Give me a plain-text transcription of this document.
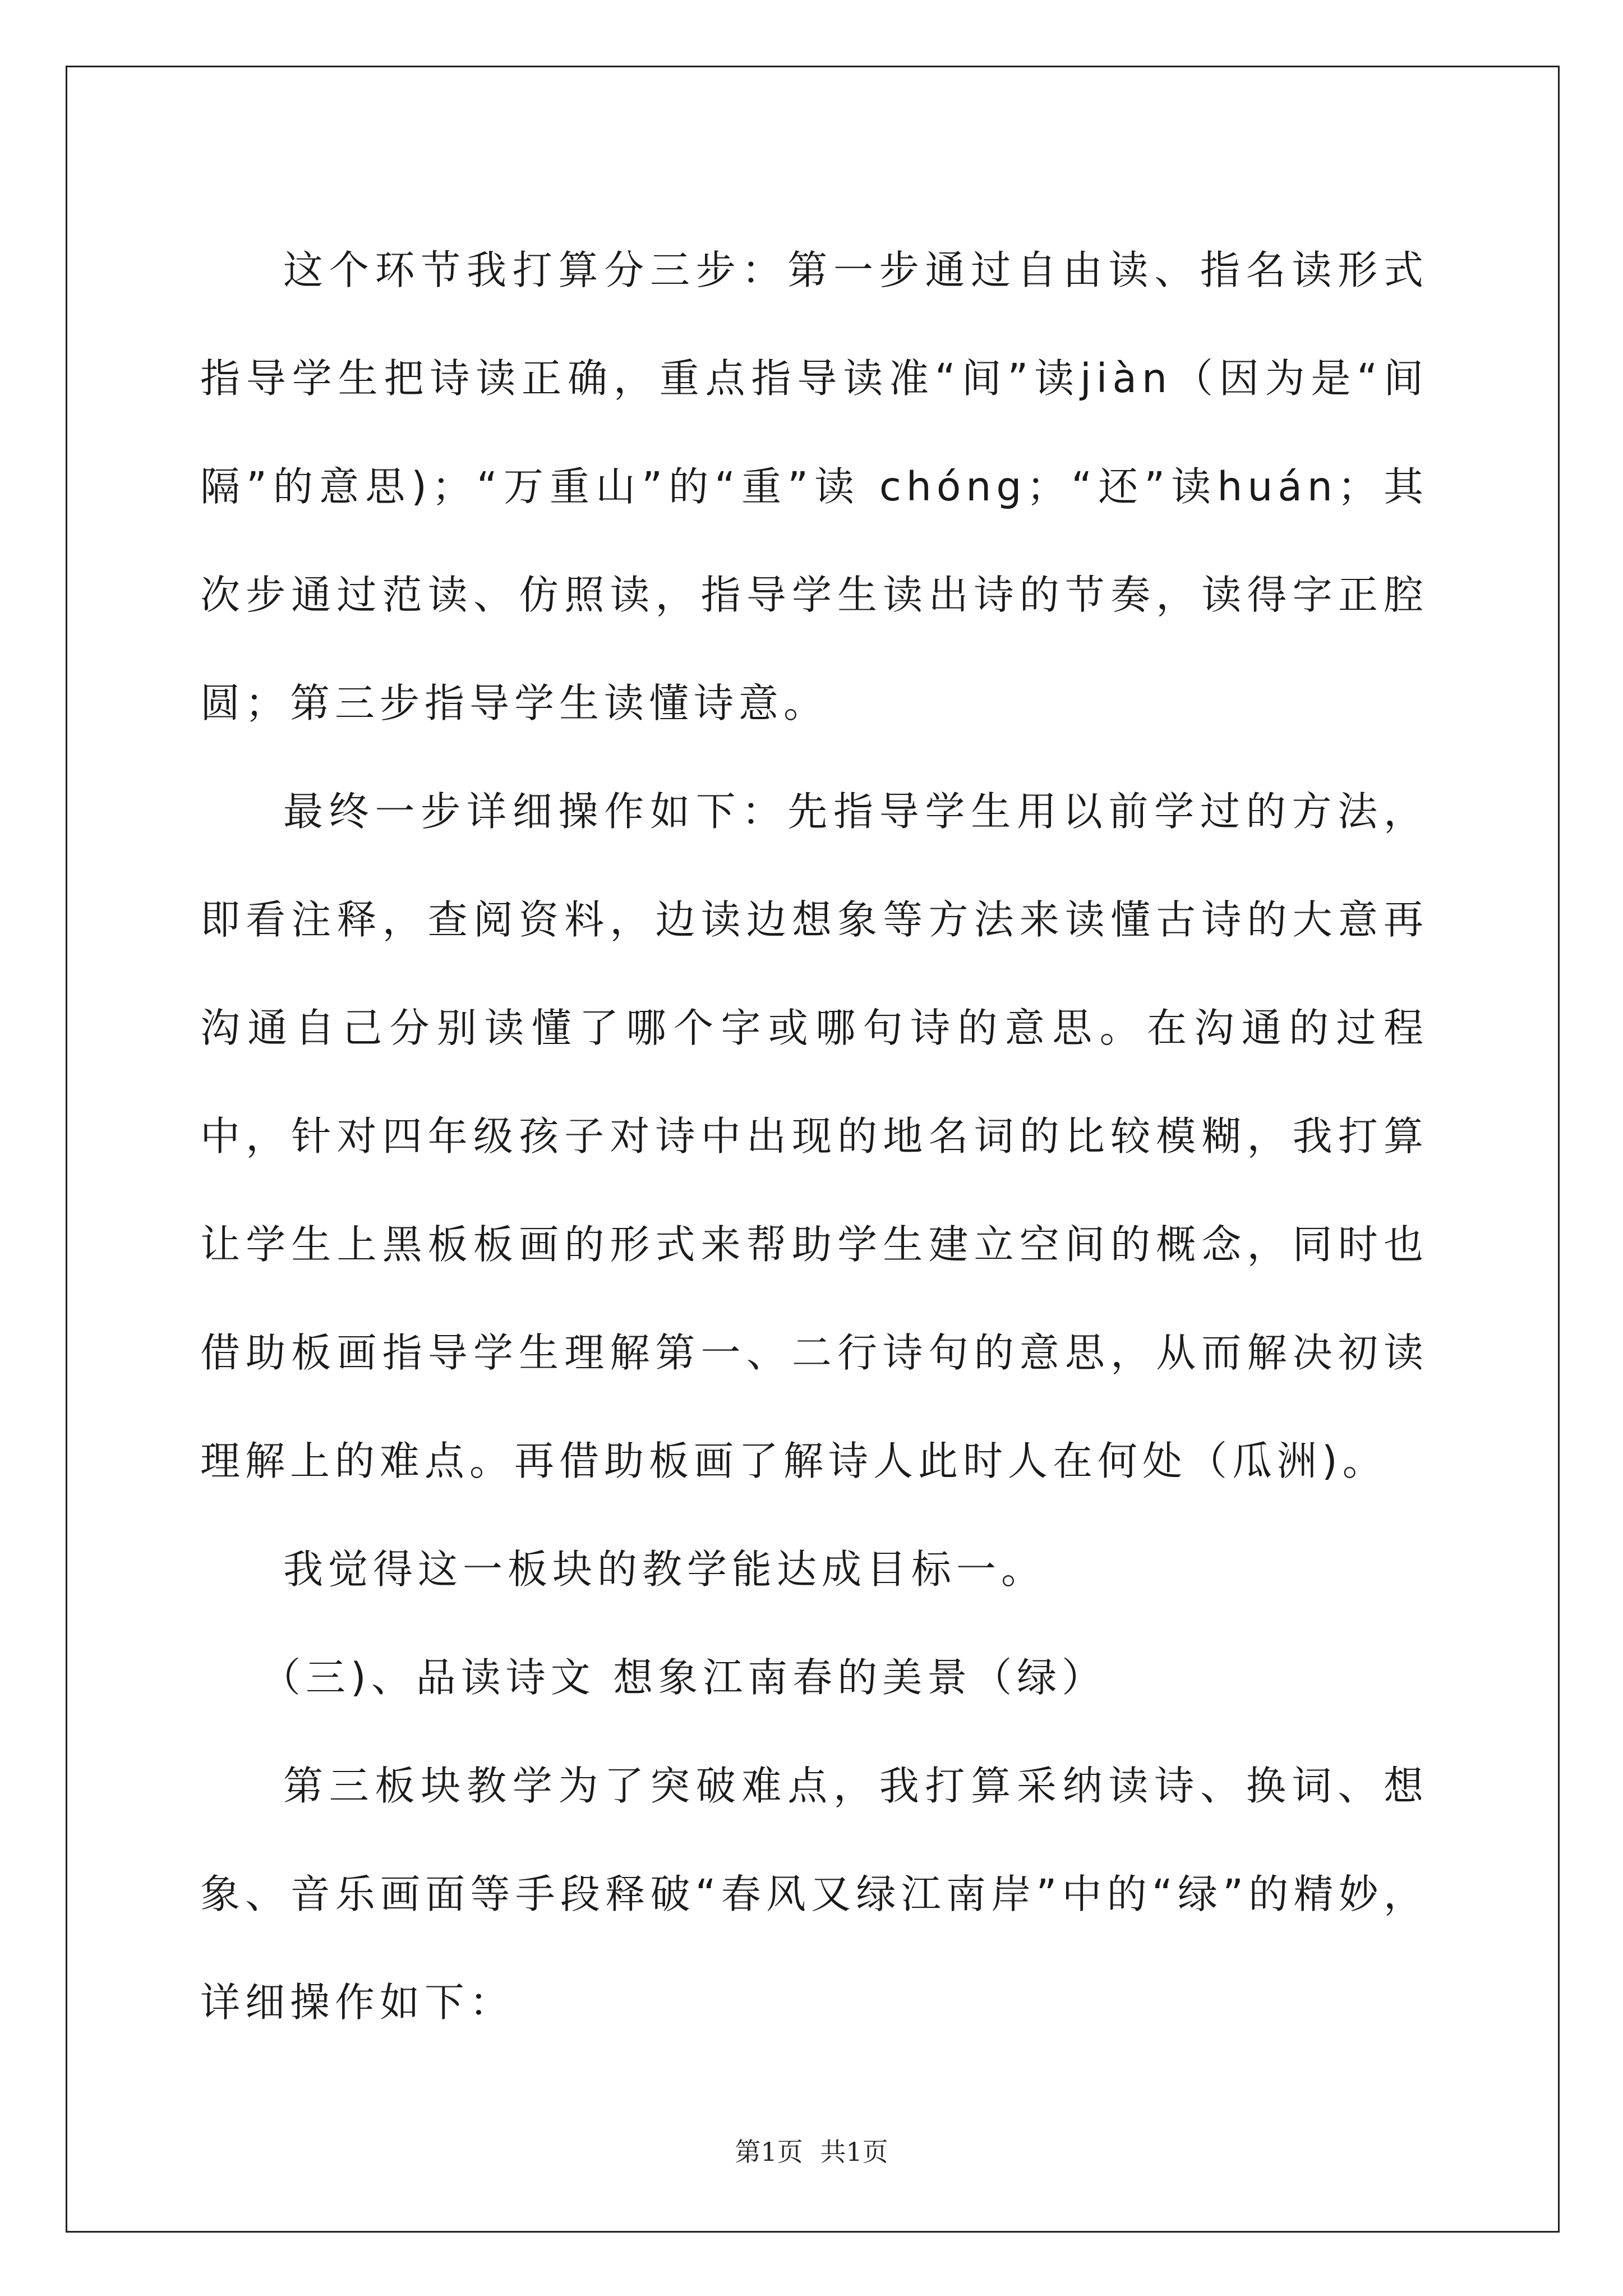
这个环节我打算分三步：第一步通过自由读、指名读形式指导学生把诗读正确，重点指导读准“间”读jiàn（因为是“间隔”的意思)；“万重山”的“重”读 chóng；“还”读huán；其次步通过范读、仿照读，指导学生读出诗的节奏，读得字正腔圆；第三步指导学生读懂诗意。

最终一步详细操作如下：先指导学生用以前学过的方法，即看注释，查阅资料，边读边想象等方法来读懂古诗的大意再沟通自己分别读懂了哪个字或哪句诗的意思。在沟通的过程中，针对四年级孩子对诗中出现的地名词的比较模糊，我打算让学生上黑板板画的形式来帮助学生建立空间的概念，同时也借助板画指导学生理解第一、二行诗句的意思，从而解决初读理解上的难点。再借助板画了解诗人此时人在何处（瓜洲)。

我觉得这一板块的教学能达成目标一。

（三)、品读诗文 想象江南春的美景（绿）

第三板块教学为了突破难点，我打算采纳读诗、换词、想象、音乐画面等手段释破“春风又绿江南岸”中的“绿”的精妙，详细操作如下：

第1页 共1页
